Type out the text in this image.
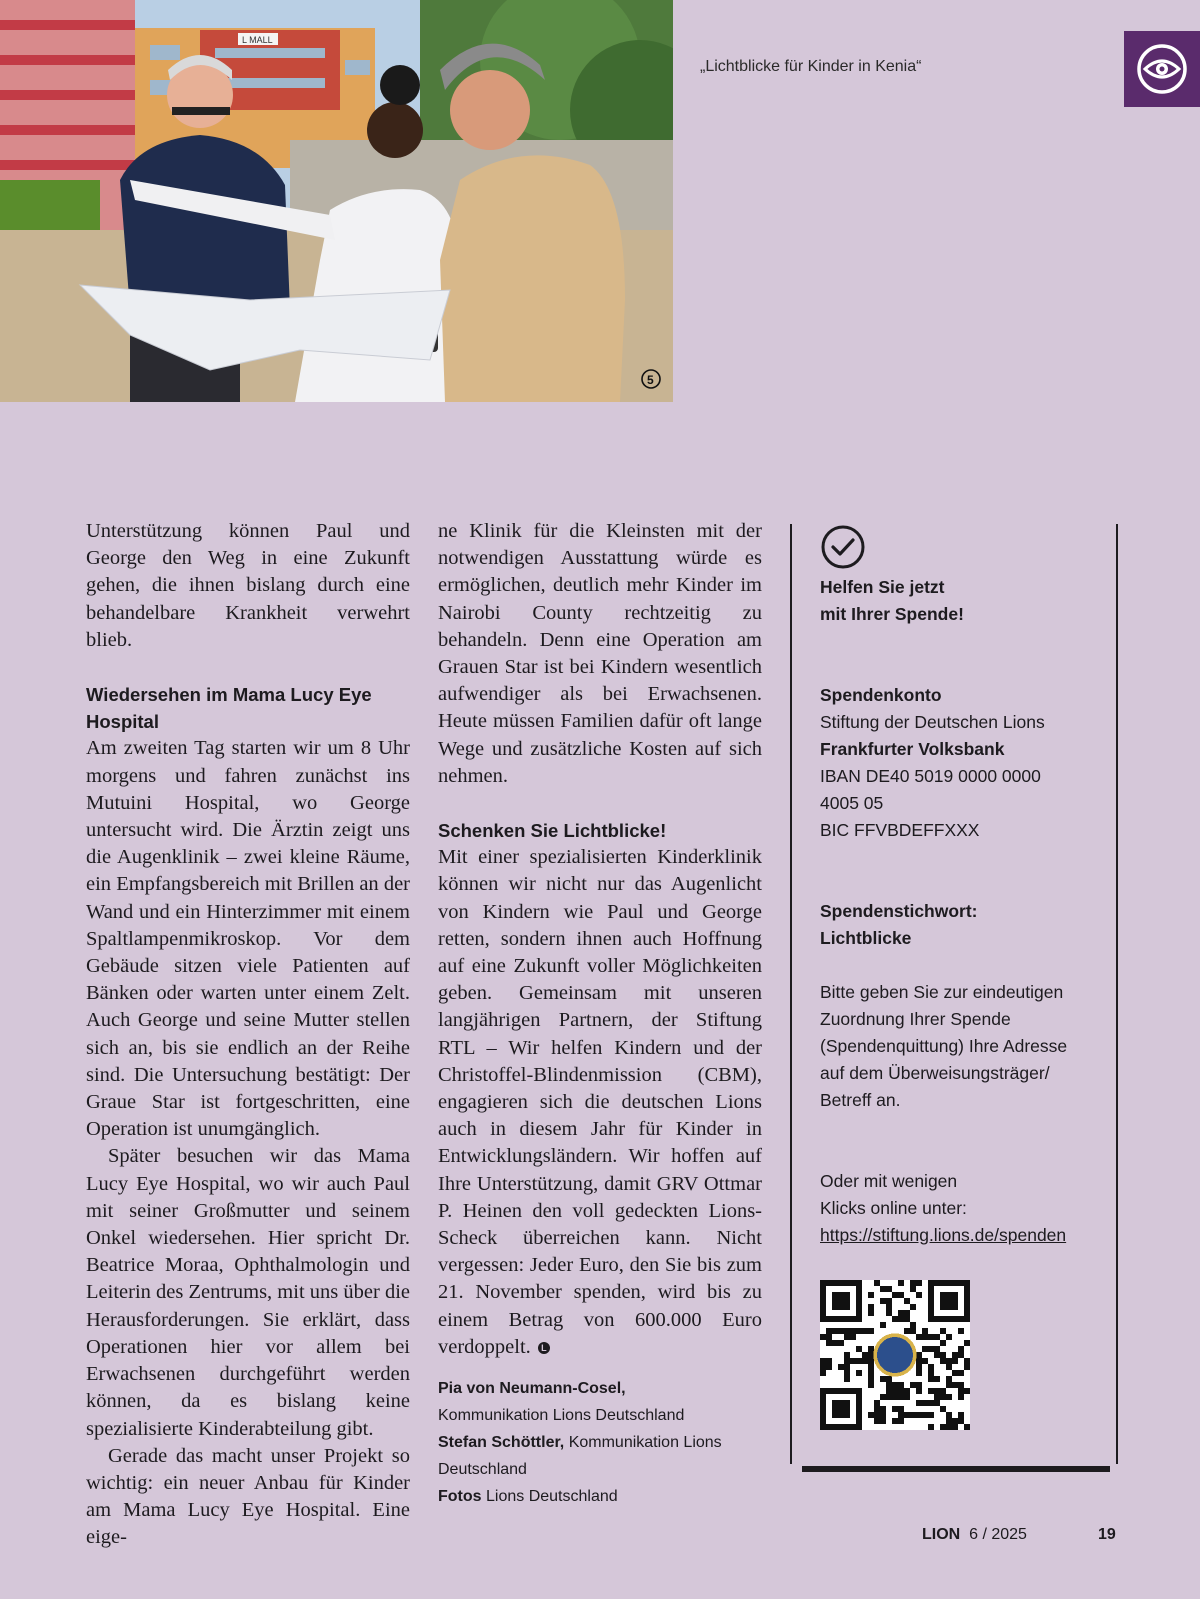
L MALL
5
„Lichtblicke für Kinder in Kenia“

Unterstützung können Paul und George den Weg in eine Zukunft gehen, die ihnen bislang durch eine behandelbare Krankheit verwehrt blieb.

Wiedersehen im Mama Lucy Eye Hospital

Am zweiten Tag starten wir um 8 Uhr morgens und fahren zunächst ins Mutuini Hospital, wo George untersucht wird. Die Ärztin zeigt uns die Augenklinik – zwei kleine Räume, ein Empfangsbereich mit Brillen an der Wand und ein Hinterzimmer mit einem Spaltlampenmikroskop. Vor dem Gebäude sitzen viele Patienten auf Bänken oder warten unter einem Zelt. Auch George und seine Mutter stellen sich an, bis sie endlich an der Reihe sind. Die Untersuchung bestätigt: Der Graue Star ist fortgeschritten, eine Operation ist unumgänglich.

Später besuchen wir das Mama Lucy Eye Hospital, wo wir auch Paul mit seiner Großmutter und seinem Onkel wiedersehen. Hier spricht Dr. Beatrice Moraa, Ophthalmologin und Leiterin des Zentrums, mit uns über die Herausforderungen. Sie erklärt, dass Operationen hier vor allem bei Erwachsenen durchgeführt werden können, da es bislang keine spezialisierte Kinderabteilung gibt.

Gerade das macht unser Projekt so wichtig: ein neuer Anbau für Kinder am Mama Lucy Eye Hospital. Eine eige-

ne Klinik für die Kleinsten mit der notwendigen Ausstattung würde es ermöglichen, deutlich mehr Kinder im Nairobi County rechtzeitig zu behandeln. Denn eine Operation am Grauen Star ist bei Kindern wesentlich aufwendiger als bei Erwachsenen. Heute müssen Familien dafür oft lange Wege und zusätzliche Kosten auf sich nehmen.

Schenken Sie Lichtblicke!

Mit einer spezialisierten Kinderklinik können wir nicht nur das Augenlicht von Kindern wie Paul und George retten, sondern ihnen auch Hoffnung auf eine Zukunft voller Möglichkeiten geben. Gemeinsam mit unseren langjährigen Partnern, der Stiftung RTL – Wir helfen Kindern und der Christoffel-Blindenmission (CBM), engagieren sich die deutschen Lions auch in diesem Jahr für Kinder in Entwicklungsländern. Wir hoffen auf Ihre Unterstützung, damit GRV Ottmar P. Heinen den voll gedeckten Lions-Scheck überreichen kann. Nicht vergessen: Jeder Euro, den Sie bis zum 21. November spenden, wird bis zu einem Betrag von 600.000 Euro verdoppelt. L

Pia von Neumann-Cosel,
Kommunikation Lions Deutschland
Stefan Schöttler, Kommunikation Lions Deutschland
Fotos Lions Deutschland

Helfen Sie jetzt

mit Ihrer Spende!

Spendenkonto

Stiftung der Deutschen Lions

Frankfurter Volksbank

IBAN DE40 5019 0000 0000

4005 05

BIC FFVBDEFFXXX

Spendenstichwort:

Lichtblicke

Bitte geben Sie zur eindeutigen Zuordnung Ihrer Spende (Spendenquittung) Ihre Adresse auf dem Überweisungsträger/ Betreff an.

Oder mit wenigen

Klicks online unter:

https://stiftung.lions.de/spenden

LION 6 / 2025	19
